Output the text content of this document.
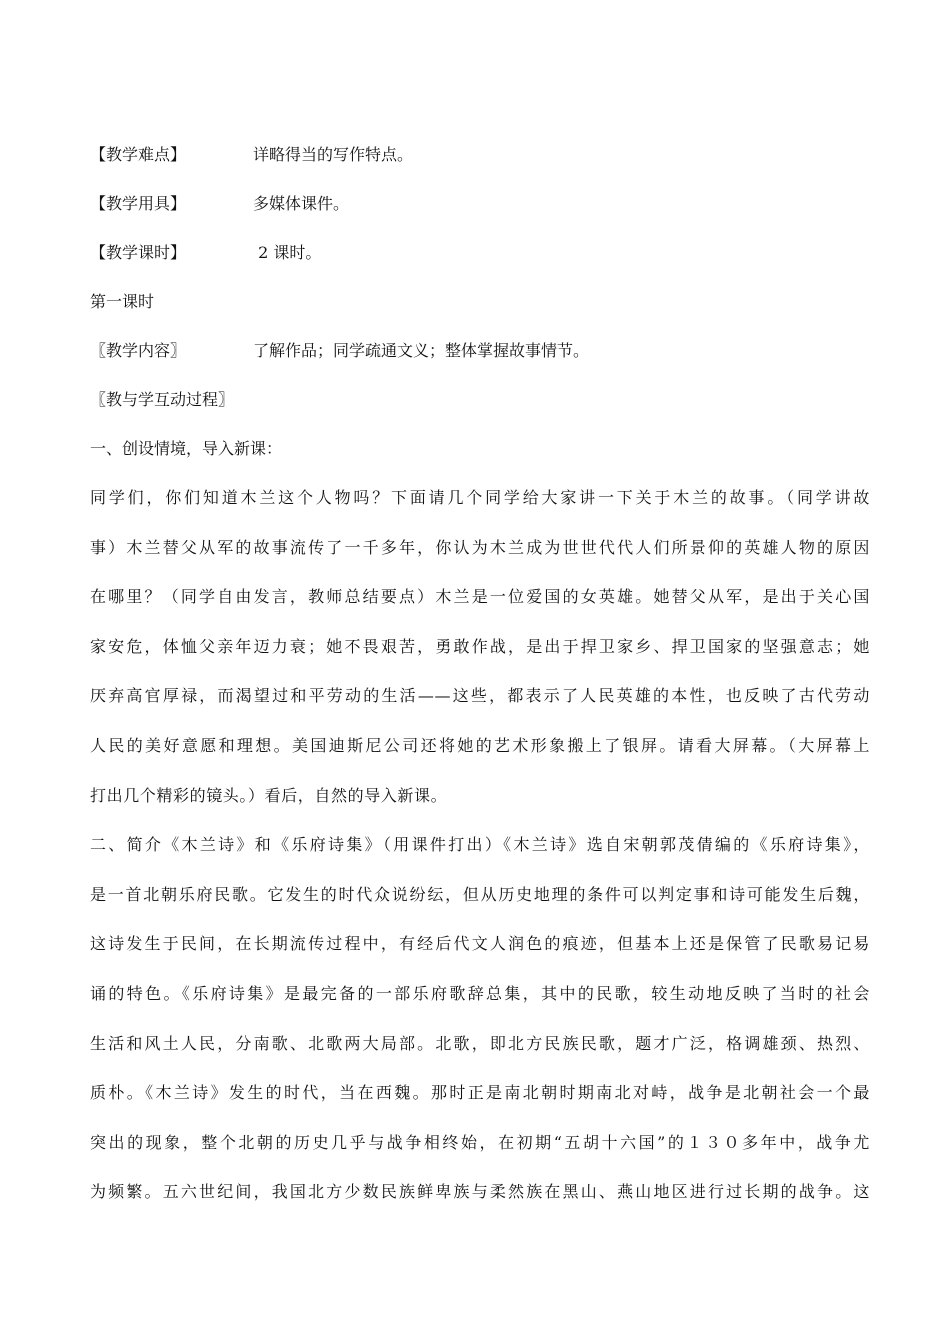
【教学难点】	详略得当的写作特点。
【教学用具】	多媒体课件。
【教学课时】	2 课时。
第一课时
〖教学内容〗	了解作品；同学疏通文义；整体掌握故事情节。
〖教与学互动过程〗
一、创设情境，导入新课：
同学们，你们知道木兰这个人物吗？下面请几个同学给大家讲一下关于木兰的故事。（同学讲故
事）木兰替父从军的故事流传了一千多年，你认为木兰成为世世代代人们所景仰的英雄人物的原因
在哪里？（同学自由发言，教师总结要点）木兰是一位爱国的女英雄。她替父从军，是出于关心国
家安危，体恤父亲年迈力衰；她不畏艰苦，勇敢作战，是出于捍卫家乡、捍卫国家的坚强意志；她
厌弃高官厚禄，而渴望过和平劳动的生活——这些，都表示了人民英雄的本性，也反映了古代劳动
人民的美好意愿和理想。美国迪斯尼公司还将她的艺术形象搬上了银屏。请看大屏幕。（大屏幕上
打出几个精彩的镜头。）看后，自然的导入新课。
二、简介《木兰诗》和《乐府诗集》（用课件打出）《木兰诗》选自宋朝郭茂倩编的《乐府诗集》，
是一首北朝乐府民歌。它发生的时代众说纷纭，但从历史地理的条件可以判定事和诗可能发生后魏，
这诗发生于民间，在长期流传过程中，有经后代文人润色的痕迹，但基本上还是保管了民歌易记易
诵的特色。《乐府诗集》是最完备的一部乐府歌辞总集，其中的民歌，较生动地反映了当时的社会
生活和风土人民，分南歌、北歌两大局部。北歌，即北方民族民歌，题才广泛，格调雄颈、热烈、
质朴。《木兰诗》发生的时代，当在西魏。那时正是南北朝时期南北对峙，战争是北朝社会一个最
突出的现象，整个北朝的历史几乎与战争相终始，在初期“五胡十六国”的１３０多年中，战争尤
为频繁。五六世纪间，我国北方少数民族鲜卑族与柔然族在黑山、燕山地区进行过长期的战争。这
